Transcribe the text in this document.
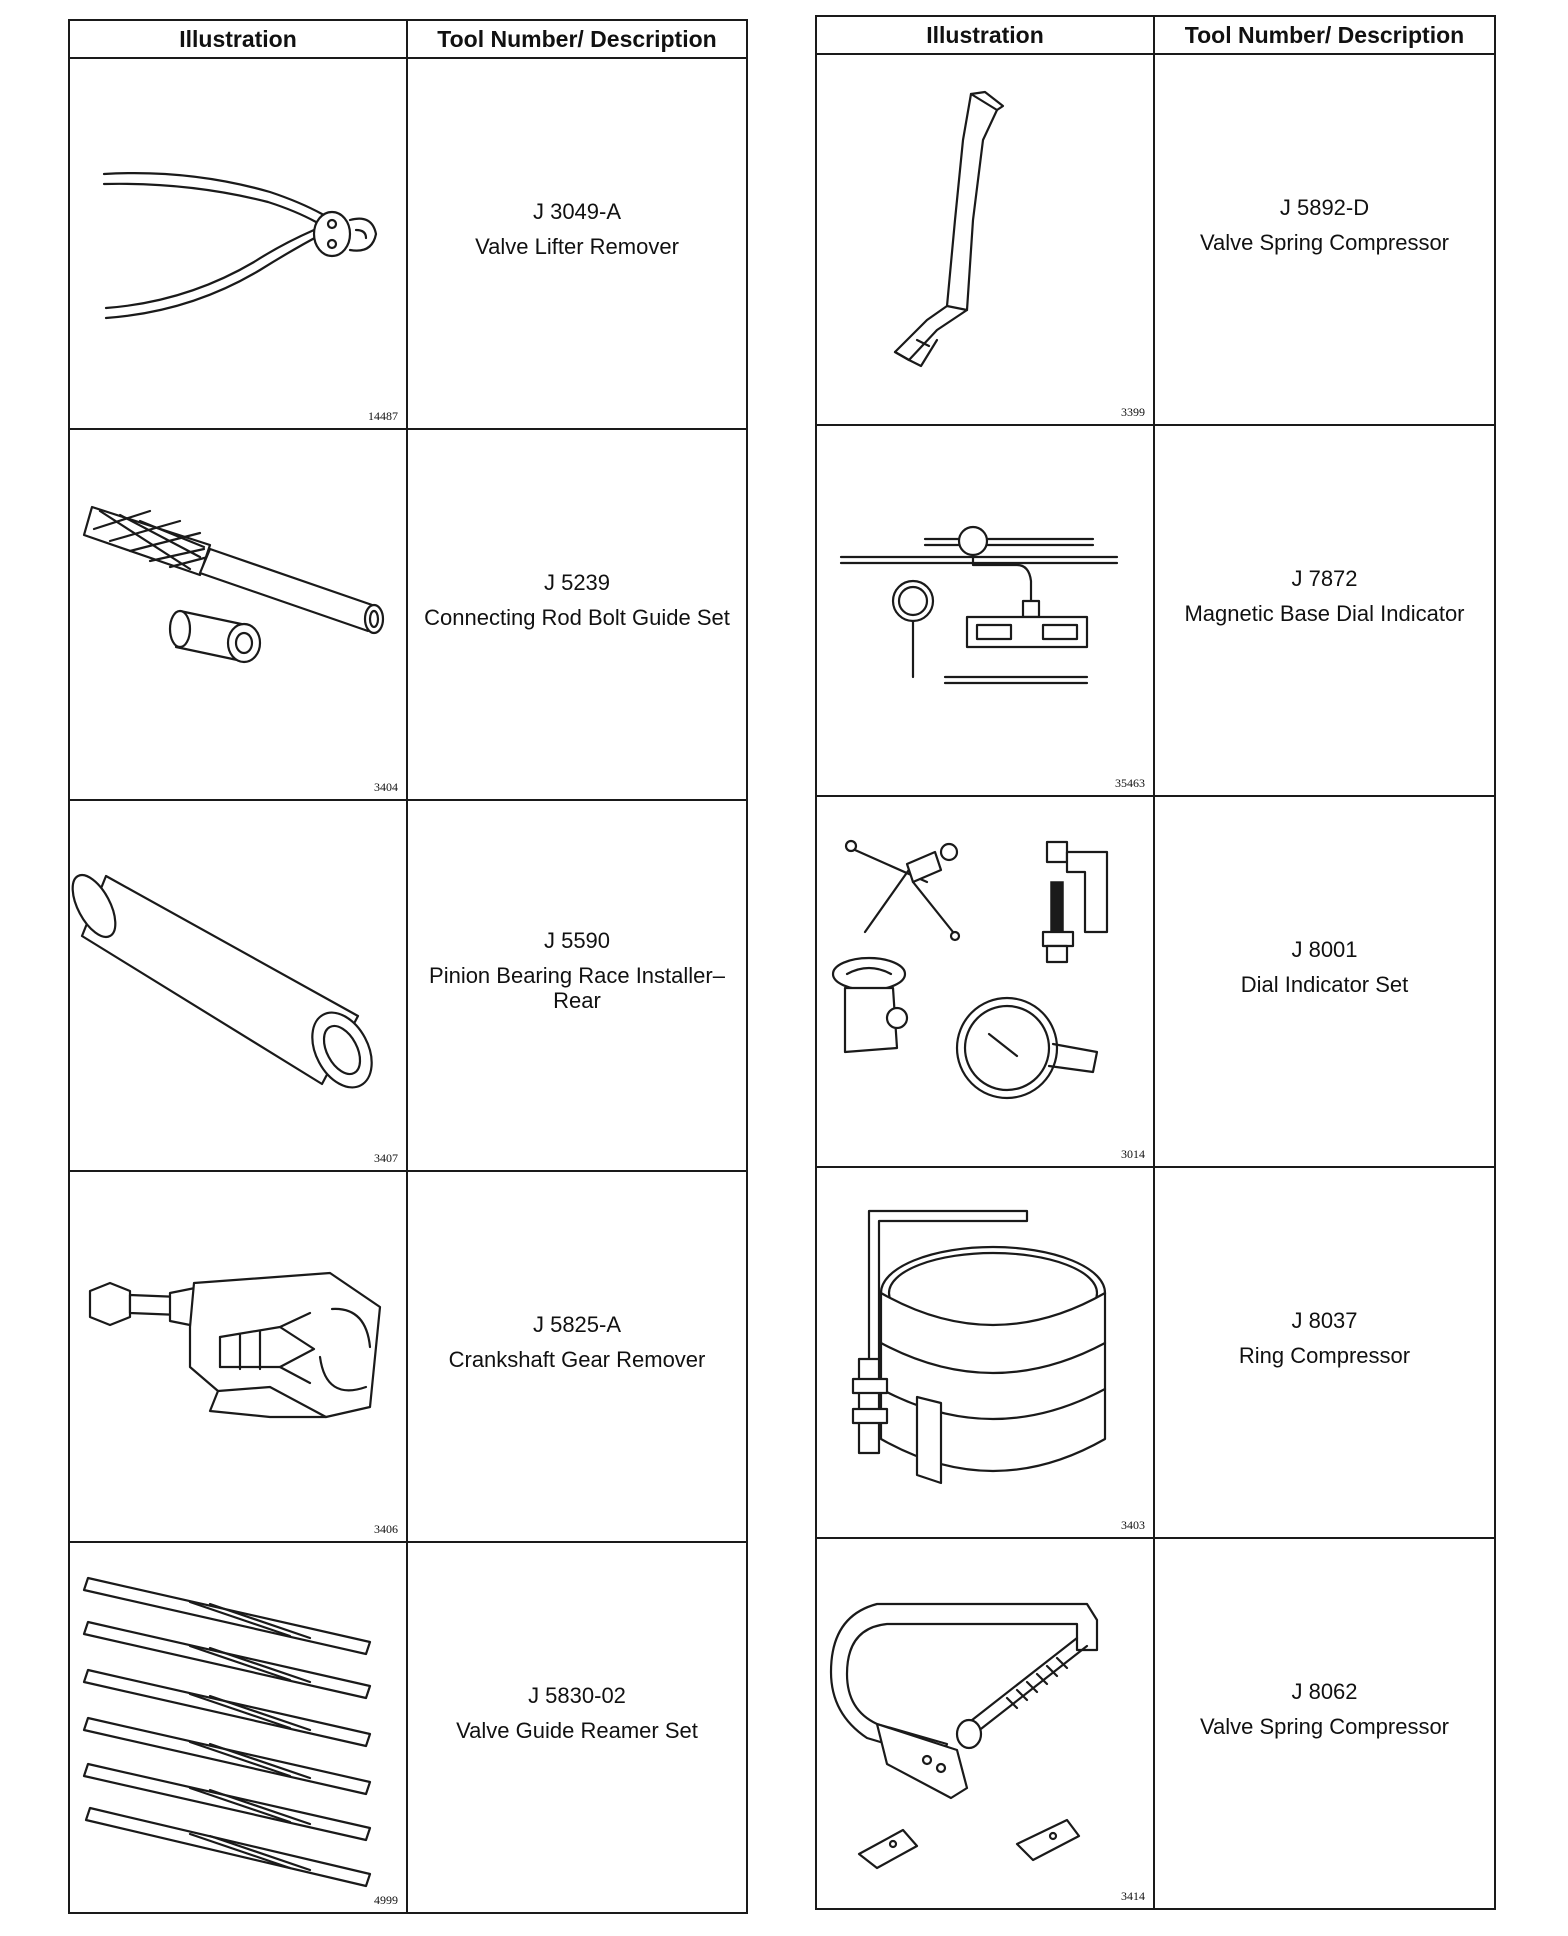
Illustration	Tool Number/ Description

14487	J 3049-A
Valve Lifter Remover

3404	J 5239
Connecting Rod Bolt Guide Set

3407	J 5590
Pinion Bearing Race Installer–Rear

3406	J 5825-A
Crankshaft Gear Remover

4999	J 5830-02
Valve Guide Reamer Set
Illustration	Tool Number/ Description

3399	J 5892-D
Valve Spring Compressor

35463	J 7872
Magnetic Base Dial Indicator

3014	J 8001
Dial Indicator Set

3403	J 8037
Ring Compressor

3414	J 8062
Valve Spring Compressor
